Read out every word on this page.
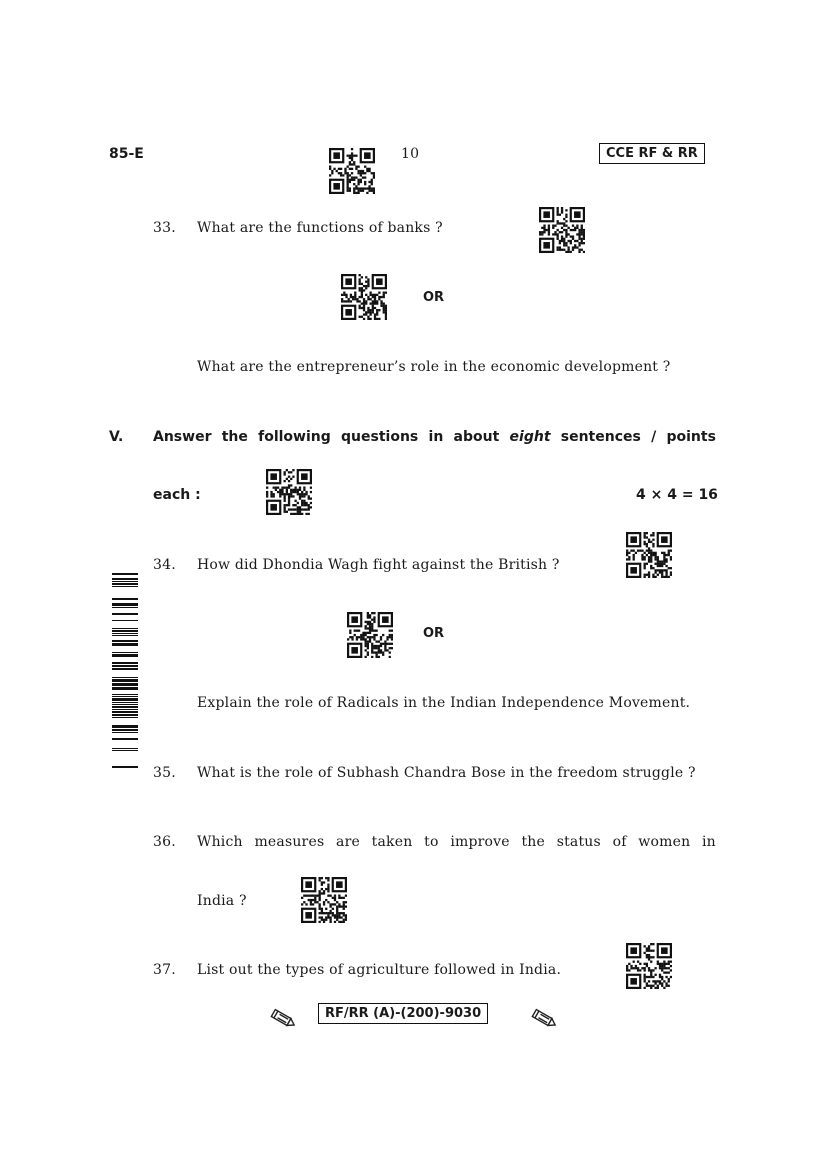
85-E	10	CCE RF & RR
33. What are the functions of banks ?
OR
What are the entrepreneur’s role in the economic development ?
V. Answer the following questions in about eight sentences / points
each :	4 × 4 = 16
34. How did Dhondia Wagh fight against the British ?
OR
Explain the role of Radicals in the Indian Independence Movement.
35. What is the role of Subhash Chandra Bose in the freedom struggle ?
36. Which measures are taken to improve the status of women in
India ?
37. List out the types of agriculture followed in India.
RF/RR (A)-(200)-9030
